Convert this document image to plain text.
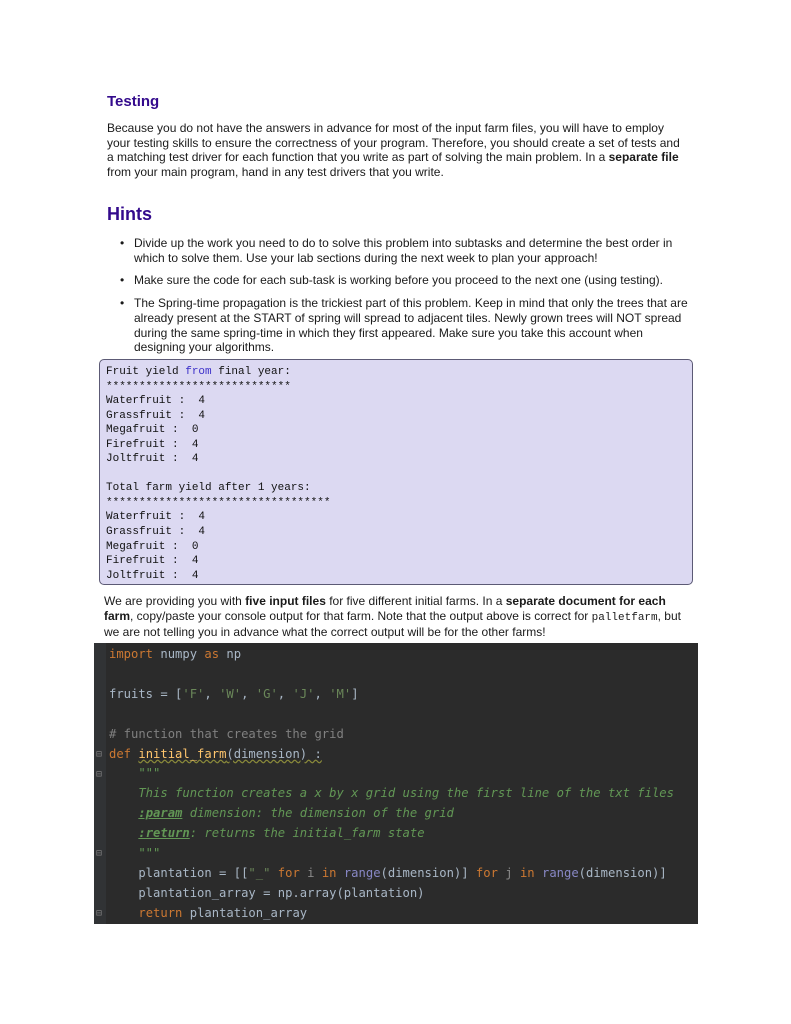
Testing

Because you do not have the answers in advance for most of the input farm files, you will have to employ your testing skills to ensure the correctness of your program. Therefore, you should create a set of tests and a matching test driver for each function that you write as part of solving the main problem. In a separate file from your main program, hand in any test drivers that you write.

Hints
• Divide up the work you need to do to solve this problem into subtasks and determine the best order in which to solve them. Use your lab sections during the next week to plan your approach!
• Make sure the code for each sub-task is working before you proceed to the next one (using testing).
• The Spring-time propagation is the trickiest part of this problem. Keep in mind that only the trees that are already present at the START of spring will spread to adjacent tiles. Newly grown trees will NOT spread during the same spring-time in which they first appeared. Make sure you take this account when designing your algorithms.
Fruit yield from final year:
****************************
Waterfruit :  4
Grassfruit :  4
Megafruit :  0
Firefruit :  4
Joltfruit :  4

Total farm yield after 1 years:
**********************************
Waterfruit :  4
Grassfruit :  4
Megafruit :  0
Firefruit :  4
Joltfruit :  4

We are providing you with five input files for five different initial farms. In a separate document for each farm, copy/paste your console output for that farm. Note that the output above is correct for palletfarm, but we are not telling you in advance what the correct output will be for the other farms!

⊟
⊟
⊟
⊟
import numpy as np

fruits = ['F', 'W', 'G', 'J', 'M']

# function that creates the grid
def initial_farm(dimension) :
"""
This function creates a x by x grid using the first line of the txt files
:param dimension: the dimension of the grid
:return: returns the initial_farm state
"""
plantation = [["_" for i in range(dimension)] for j in range(dimension)]
plantation_array = np.array(plantation)
return plantation_array
